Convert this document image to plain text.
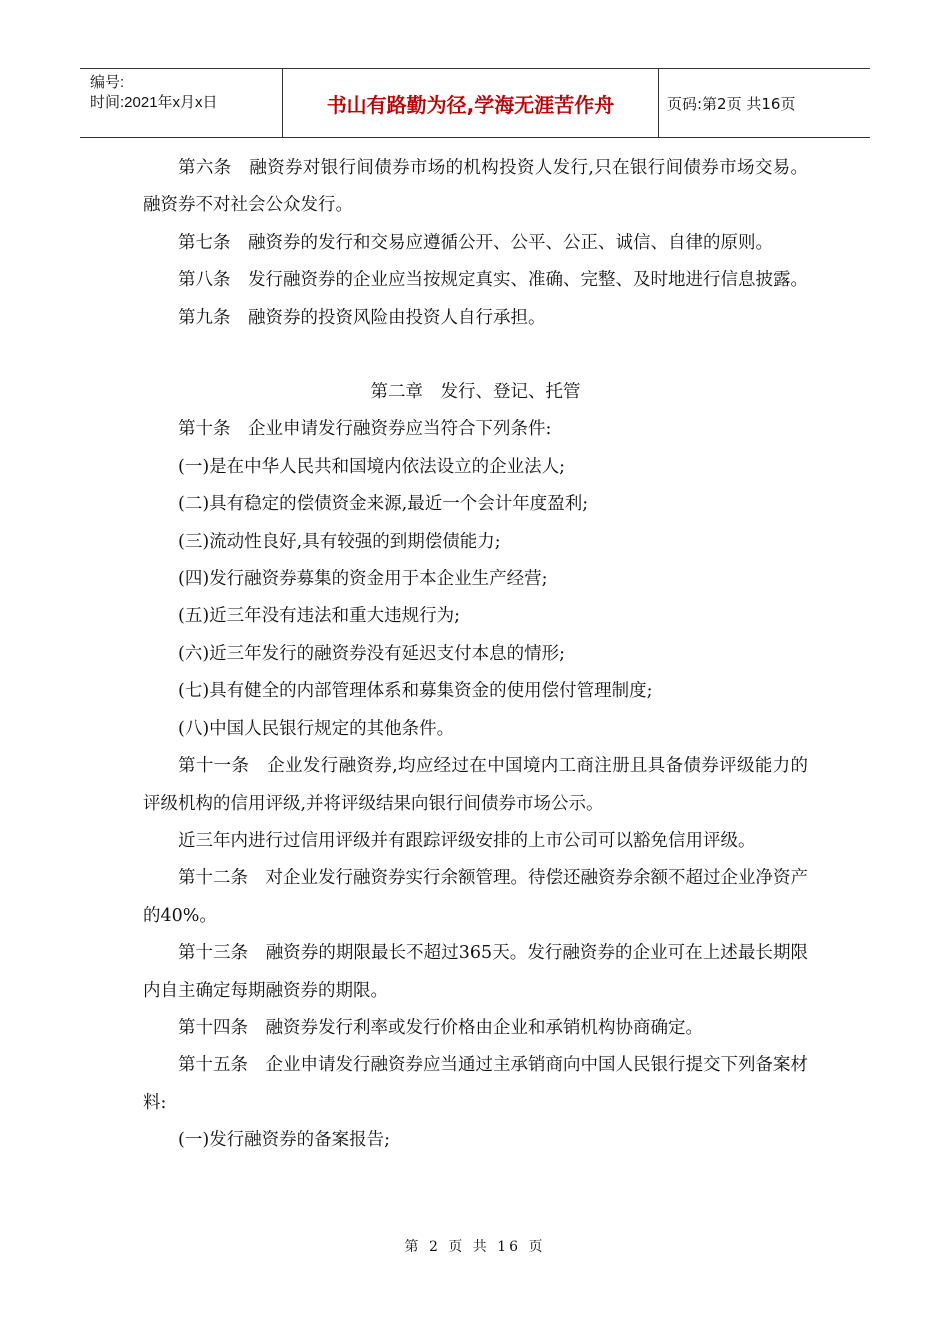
编号:
时间:2021年x月x日	书山有路勤为径,学海无涯苦作舟	页码:第2页 共16页

第六条　融资券对银行间债券市场的机构投资人发行,只在银行间债券市场交易。融资券不对社会公众发行。

第七条　融资券的发行和交易应遵循公开、公平、公正、诚信、自律的原则。

第八条　发行融资券的企业应当按规定真实、准确、完整、及时地进行信息披露。

第九条　融资券的投资风险由投资人自行承担。

第二章　发行、登记、托管

第十条　企业申请发行融资券应当符合下列条件:

(一)是在中华人民共和国境内依法设立的企业法人;

(二)具有稳定的偿债资金来源,最近一个会计年度盈利;

(三)流动性良好,具有较强的到期偿债能力;

(四)发行融资券募集的资金用于本企业生产经营;

(五)近三年没有违法和重大违规行为;

(六)近三年发行的融资券没有延迟支付本息的情形;

(七)具有健全的内部管理体系和募集资金的使用偿付管理制度;

(八)中国人民银行规定的其他条件。

第十一条　企业发行融资券,均应经过在中国境内工商注册且具备债券评级能力的评级机构的信用评级,并将评级结果向银行间债券市场公示。

近三年内进行过信用评级并有跟踪评级安排的上市公司可以豁免信用评级。

第十二条　对企业发行融资券实行余额管理。待偿还融资券余额不超过企业净资产的40%。

第十三条　融资券的期限最长不超过365天。发行融资券的企业可在上述最长期限内自主确定每期融资券的期限。

第十四条　融资券发行利率或发行价格由企业和承销机构协商确定。

第十五条　企业申请发行融资券应当通过主承销商向中国人民银行提交下列备案材料:

(一)发行融资券的备案报告;

第 2 页 共 16 页
